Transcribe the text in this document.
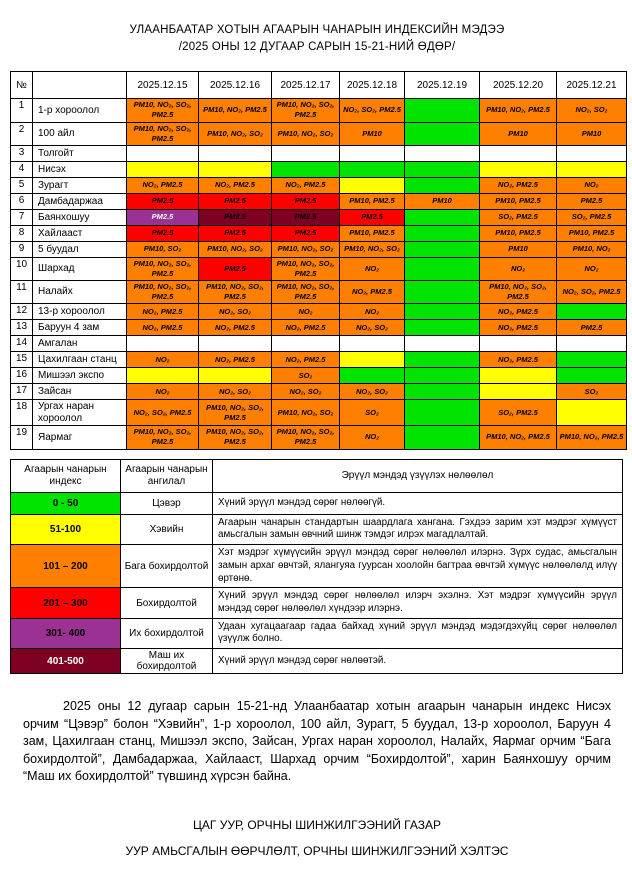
УЛААНБААТАР ХОТЫН АГААРЫН ЧАНАРЫН ИНДЕКСИЙН МЭДЭЭ
/2025 ОНЫ 12 ДУГААР САРЫН 15-21-НИЙ ӨДӨР/
№		2025.12.15	2025.12.16	2025.12.17	2025.12.18	2025.12.19	2025.12.20	2025.12.21
1	1-р хороолол	PM10, NO₂, SO₂, PM2.5	PM10, NO₂, PM2.5	PM10, NO₂, SO₂, PM2.5	NO₂, SO₂, PM2.5		PM10, NO₂, PM2.5	NO₂, SO₂
2	100 айл	PM10, NO₂, SO₂, PM2.5	PM10, NO₂, SO₂	PM10, NO₂, SO₂	PM10		PM10	PM10
3	Толгойт							
4	Нисэх							
5	Зурагт	NO₂, PM2.5	NO₂, PM2.5	NO₂, PM2.5			NO₂, PM2.5	NO₂
6	Дамбадаржаа	PM2.5	PM2.5	PM2.5	PM10, PM2.5	PM10	PM10, PM2.5	PM2.5
7	Баянхошуу	PM2.5	PM2.5	PM2.5	PM2.5		SO₂, PM2.5	SO₂, PM2.5
8	Хайлааст	PM2.5	PM2.5	PM2.5	PM10, PM2.5		PM10, PM2.5	PM10, PM2.5
9	5 буудал	PM10, SO₂	PM10, NO₂, SO₂	PM10, NO₂, SO₂	PM10, NO₂, SO₂		PM10	PM10, NO₂
10	Шархад	PM10, NO₂, SO₂, PM2.5	PM2.5	PM10, NO₂, SO₂, PM2.5	NO₂		NO₂	NO₂
11	Налайх	PM10, NO₂, SO₂, PM2.5	PM10, NO₂, SO₂, PM2.5	PM10, NO₂, SO₂, PM2.5	NO₂, PM2.5		PM10, NO₂, SO₂, PM2.5	NO₂, SO₂, PM2.5
12	13-р хороолол	NO₂, PM2.5	NO₂, SO₂	NO₂	NO₂		NO₂, PM2.5	
13	Баруун 4 зам	NO₂, PM2.5	NO₂, PM2.5	NO₂, PM2.5	NO₂, SO₂		NO₂, PM2.5	PM2.5
14	Амгалан							
15	Цахилгаан станц	NO₂	NO₂, PM2.5	NO₂, PM2.5			NO₂, PM2.5	
16	Мишээл экспо			SO₂				
17	Зайсан	NO₂	NO₂, SO₂	NO₂, SO₂	NO₂, SO₂			SO₂
18	Ургах наран хороолол	NO₂, SO₂, PM2.5	PM10, NO₂, SO₂, PM2.5	PM10, NO₂, SO₂	SO₂		SO₂, PM2.5	
19	Яармаг	PM10, NO₂, SO₂, PM2.5	PM10, NO₂, SO₂, PM2.5	PM10, NO₂, SO₂, PM2.5	NO₂		PM10, NO₂, PM2.5	PM10, NO₂, PM2.5
Агаарын чанарын индекс	Агаарын чанарын ангилал	Эрүүл мэндэд үзүүлэх нөлөөлөл
0 - 50	Цэвэр	Хүний эрүүл мэндэд сөрөг нөлөөгүй.
51-100	Хэвийн	Агаарын чанарын стандартын шаардлага хангана. Гэхдээ зарим хэт мэдрэг хүмүүст амьсгалын замын өвчний шинж тэмдэг илрэх магадлалтай.
101 – 200	Бага бохирдолтой	Хэт мэдрэг хүмүүсийн эрүүл мэндэд сөрөг нөлөөлөл илэрнэ. Зүрх судас, амьсгалын замын архаг өвчтэй, ялангуяа гуурсан хоолойн багтраа өвчтэй хүмүүс нөлөөлөлд илүү өртөнө.
201 – 300	Бохирдолтой	Хүний эрүүл мэндэд сөрөг нөлөөлөл илэрч эхэлнэ. Хэт мэдрэг хүмүүсийн эрүүл мэндэд сөрөг нөлөөлөл хүндээр илэрнэ.
301- 400	Их бохирдолтой	Удаан хугацаагаар гадаа байхад хүний эрүүл мэндэд мэдэгдэхүйц сөрөг нөлөөлөл үзүүлж болно.
401-500	Маш их бохирдолтой	Хүний эрүүл мэндэд сөрөг нөлөөтэй.

2025 оны 12 дугаар сарын 15-21-нд Улаанбаатар хотын агаарын чанарын индекс Нисэх орчим “Цэвэр” болон “Хэвийн”, 1-р хороолол, 100 айл, Зурагт, 5 буудал, 13-р хороолол, Баруун 4 зам, Цахилгаан станц, Мишээл экспо, Зайсан, Ургах наран хороолол, Налайх, Яармаг орчим “Бага бохирдолтой”, Дамбадаржаа, Хайлааст, Шархад орчим “Бохирдолтой”, харин Баянхошуу орчим “Маш их бохирдолтой” түвшинд хүрсэн байна.

ЦАГ УУР, ОРЧНЫ ШИНЖИЛГЭЭНИЙ ГАЗАР
УУР АМЬСГАЛЫН ӨӨРЧЛӨЛТ, ОРЧНЫ ШИНЖИЛГЭЭНИЙ ХЭЛТЭС
